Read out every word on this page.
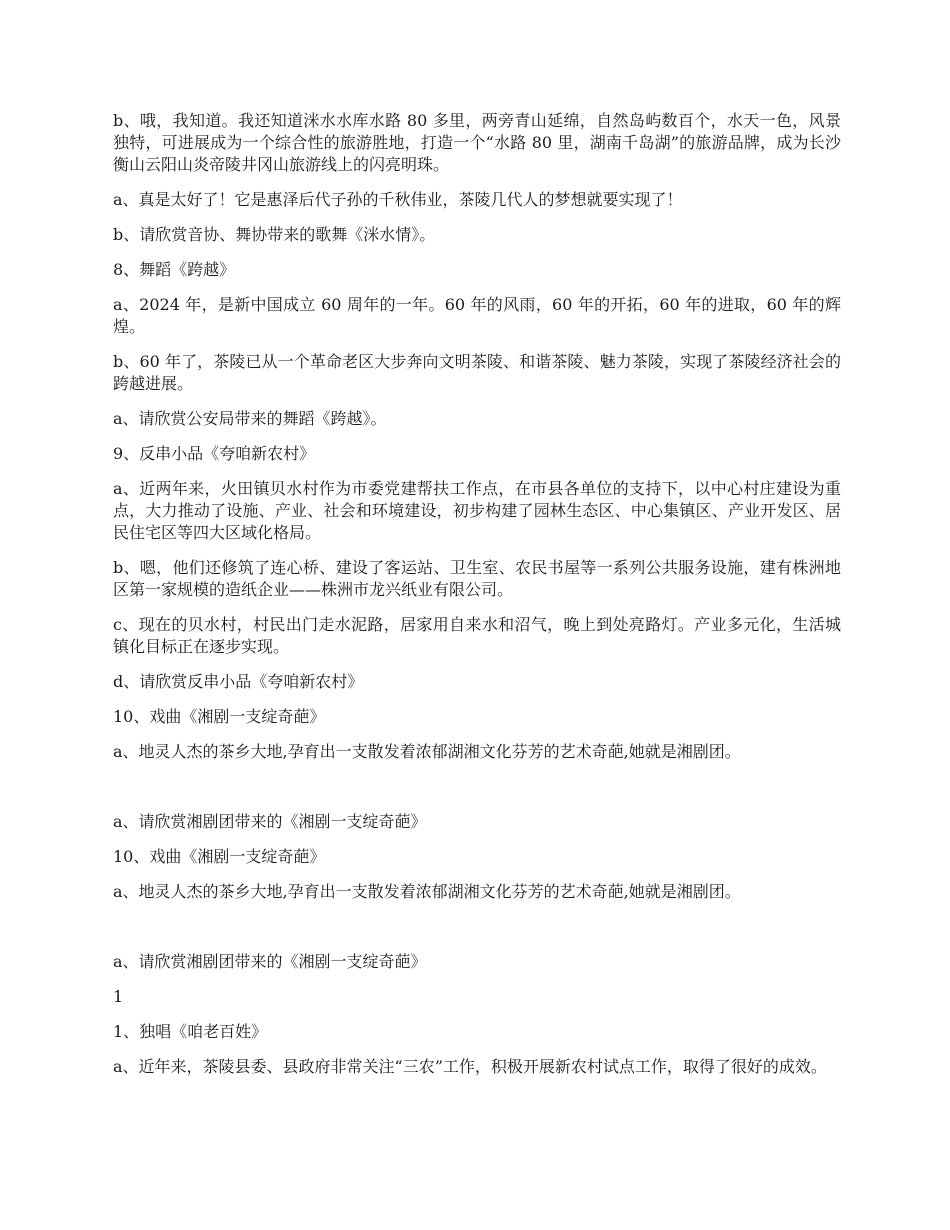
b、哦，我知道。我还知道洣水水库水路 80 多里，两旁青山延绵，自然岛屿数百个，水天一色，风景独特，可进展成为一个综合性的旅游胜地，打造一个“水路 80 里，湖南千岛湖”的旅游品牌，成为长沙衡山云阳山炎帝陵井冈山旅游线上的闪亮明珠。

a、真是太好了！它是惠泽后代子孙的千秋伟业，茶陵几代人的梦想就要实现了！

b、请欣赏音协、舞协带来的歌舞《洣水情》。

8、舞蹈《跨越》

a、2024 年，是新中国成立 60 周年的一年。60 年的风雨，60 年的开拓，60 年的进取，60 年的辉煌。

b、60 年了，茶陵已从一个革命老区大步奔向文明茶陵、和谐茶陵、魅力茶陵，实现了茶陵经济社会的跨越进展。

a、请欣赏公安局带来的舞蹈《跨越》。

9、反串小品《夸咱新农村》

a、近两年来，火田镇贝水村作为市委党建帮扶工作点，在市县各单位的支持下，以中心村庄建设为重点，大力推动了设施、产业、社会和环境建设，初步构建了园林生态区、中心集镇区、产业开发区、居民住宅区等四大区域化格局。

b、嗯，他们还修筑了连心桥、建设了客运站、卫生室、农民书屋等一系列公共服务设施，建有株洲地区第一家规模的造纸企业——株洲市龙兴纸业有限公司。

c、现在的贝水村，村民出门走水泥路，居家用自来水和沼气，晚上到处亮路灯。产业多元化，生活城镇化目标正在逐步实现。

d、请欣赏反串小品《夸咱新农村》

10、戏曲《湘剧一支绽奇葩》

a、地灵人杰的茶乡大地,孕育出一支散发着浓郁湖湘文化芬芳的艺术奇葩,她就是湘剧团。

a、请欣赏湘剧团带来的《湘剧一支绽奇葩》

10、戏曲《湘剧一支绽奇葩》

a、地灵人杰的茶乡大地,孕育出一支散发着浓郁湖湘文化芬芳的艺术奇葩,她就是湘剧团。

a、请欣赏湘剧团带来的《湘剧一支绽奇葩》

1

1、独唱《咱老百姓》

a、近年来，茶陵县委、县政府非常关注“三农”工作，积极开展新农村试点工作，取得了很好的成效。
